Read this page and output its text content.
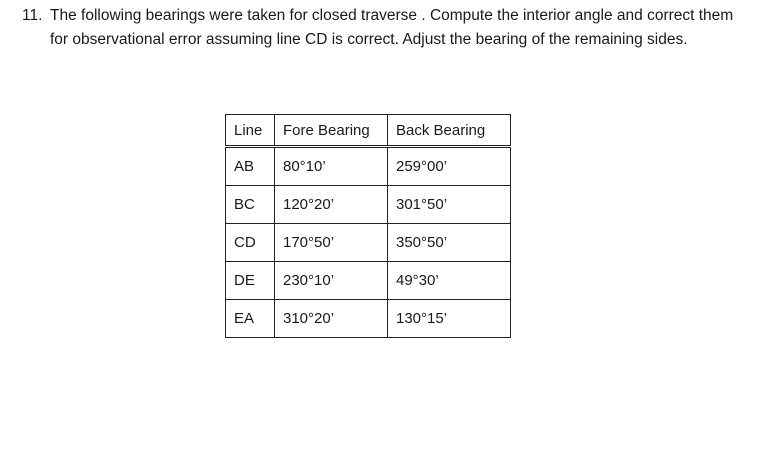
11. The following bearings were taken for closed traverse . Compute the interior angle and correct them for observational error assuming line CD is correct. Adjust the bearing of the remaining sides.
Line	Fore Bearing	Back Bearing
AB	80°10’	259°00’
BC	120°20’	301°50’
CD	170°50’	350°50’
DE	230°10’	49°30’
EA	310°20’	130°15’
